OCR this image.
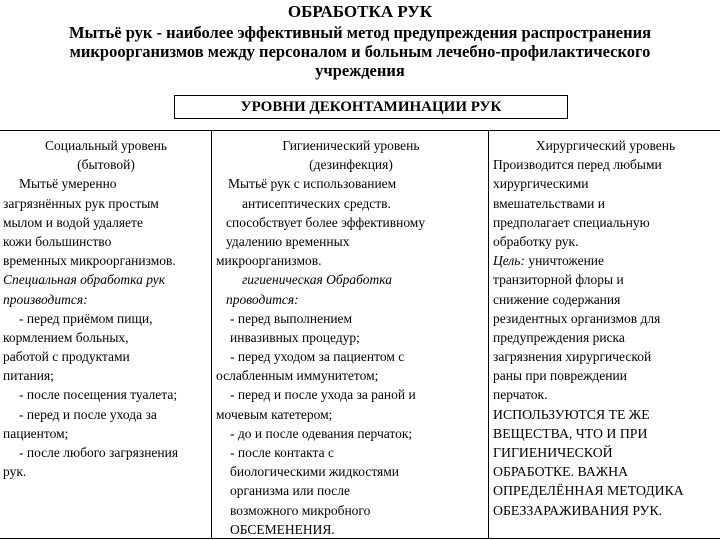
ОБРАБОТКА РУК
Мытьё рук - наиболее эффективный метод предупреждения распространения
микроорганизмов между персоналом и больным лечебно-профилактического
учреждения
УРОВНИ ДЕКОНТАМИНАЦИИ РУК
Социальный уровень
(бытовой)
Мытьё умеренно
загрязнённых рук простым
мылом и водой удаляете
кожи большинство
временных микроорганизмов.
Специальная обработка рук
производится:
- перед приёмом пищи,
кормлением больных,
работой с продуктами
питания;
- после посещения туалета;
- перед и после ухода за
пациентом;
- после любого загрязнения
рук.
Гигиенический уровень
(дезинфекция)
Мытьё рук с использованием
антисептических средств.
способствует более эффективному
удалению временных
микроорганизмов.
гигиеническая Обработка
проводится:
- перед выполнением
инвазивных процедур;
- перед уходом за пациентом с
ослабленным иммунитетом;
- перед и после ухода за раной и
мочевым катетером;
- до и после одевания перчаток;
- после контакта с
биологическими жидкостями
организма или после
возможного микробного
ОБСЕМЕНЕНИЯ.
Хирургический уровень
Производится перед любыми
хирургическими
вмешательствами и
предполагает специальную
обработку рук.
Цель: уничтожение
транзиторной флоры и
снижение содержания
резидентных организмов для
предупреждения риска
загрязнения хирургической
раны при повреждении
перчаток.
ИСПОЛЬЗУЮТСЯ ТЕ ЖЕ
ВЕЩЕСТВА, ЧТО И ПРИ
ГИГИЕНИЧЕСКОЙ
ОБРАБОТКЕ. ВАЖНА
ОПРЕДЕЛЁННАЯ МЕТОДИКА
ОБЕЗЗАРАЖИВАНИЯ РУК.
